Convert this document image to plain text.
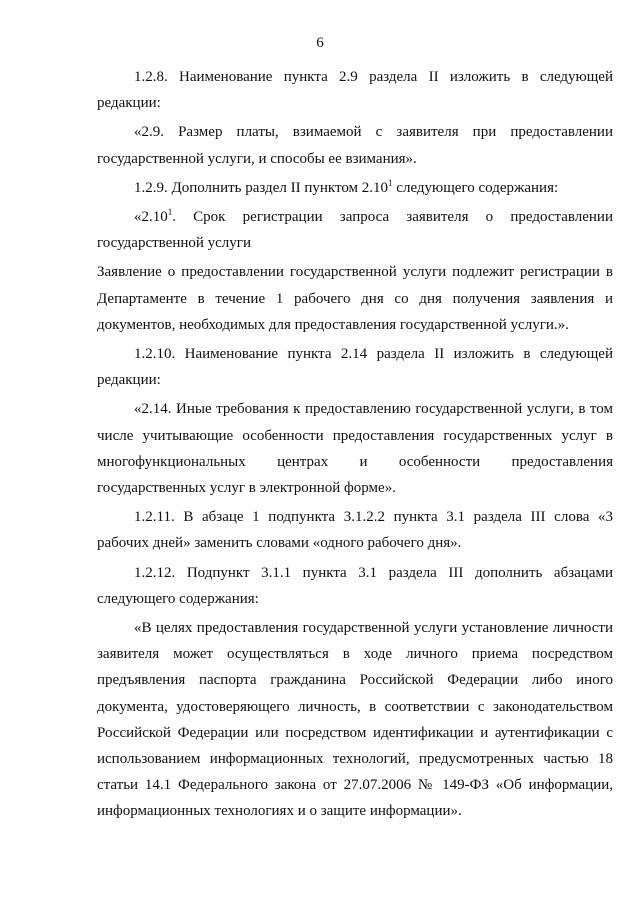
6

1.2.8. Наименование пункта 2.9 раздела II изложить в следующей редакции:

«2.9. Размер платы, взимаемой с заявителя при предоставлении государственной услуги, и способы ее взимания».

1.2.9. Дополнить раздел II пунктом 2.10$^1$ следующего содержания:

«2.10$^1$. Срок регистрации запроса заявителя о предоставлении государственной услуги

Заявление о предоставлении государственной услуги подлежит регистрации в Департаменте в течение 1 рабочего дня со дня получения заявления и документов, необходимых для предоставления государственной услуги.».

1.2.10. Наименование пункта 2.14 раздела II изложить в следующей редакции:

«2.14. Иные требования к предоставлению государственной услуги, в том числе учитывающие особенности предоставления государственных услуг в многофункциональных центрах и особенности предоставления государственных услуг в электронной форме».

1.2.11. В абзаце 1 подпункта 3.1.2.2 пункта 3.1 раздела III слова «3 рабочих дней» заменить словами «одного рабочего дня».

1.2.12. Подпункт 3.1.1 пункта 3.1 раздела III дополнить абзацами следующего содержания:

«В целях предоставления государственной услуги установление личности заявителя может осуществляться в ходе личного приема посредством предъявления паспорта гражданина Российской Федерации либо иного документа, удостоверяющего личность, в соответствии с законодательством Российской Федерации или посредством идентификации и аутентификации с использованием информационных технологий, предусмотренных частью 18 статьи 14.1 Федерального закона от 27.07.2006 № 149-ФЗ «Об информации, информационных технологиях и о защите информации».
